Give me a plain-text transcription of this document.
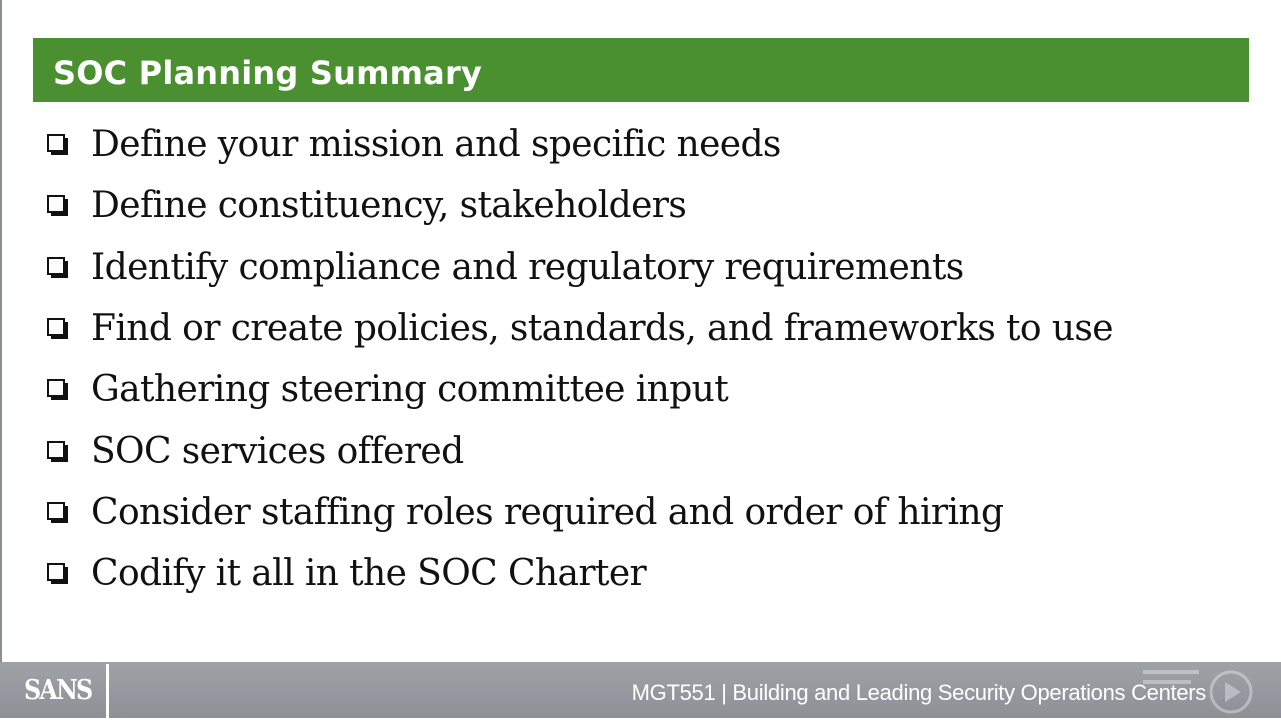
SOC Planning Summary
Define your mission and specific needs
Define constituency, stakeholders
Identify compliance and regulatory requirements
Find or create policies, standards, and frameworks to use
Gathering steering committee input
SOC services offered
Consider staffing roles required and order of hiring
Codify it all in the SOC Charter
SANS	MGT551 | Building and Leading Security Operations Centers
